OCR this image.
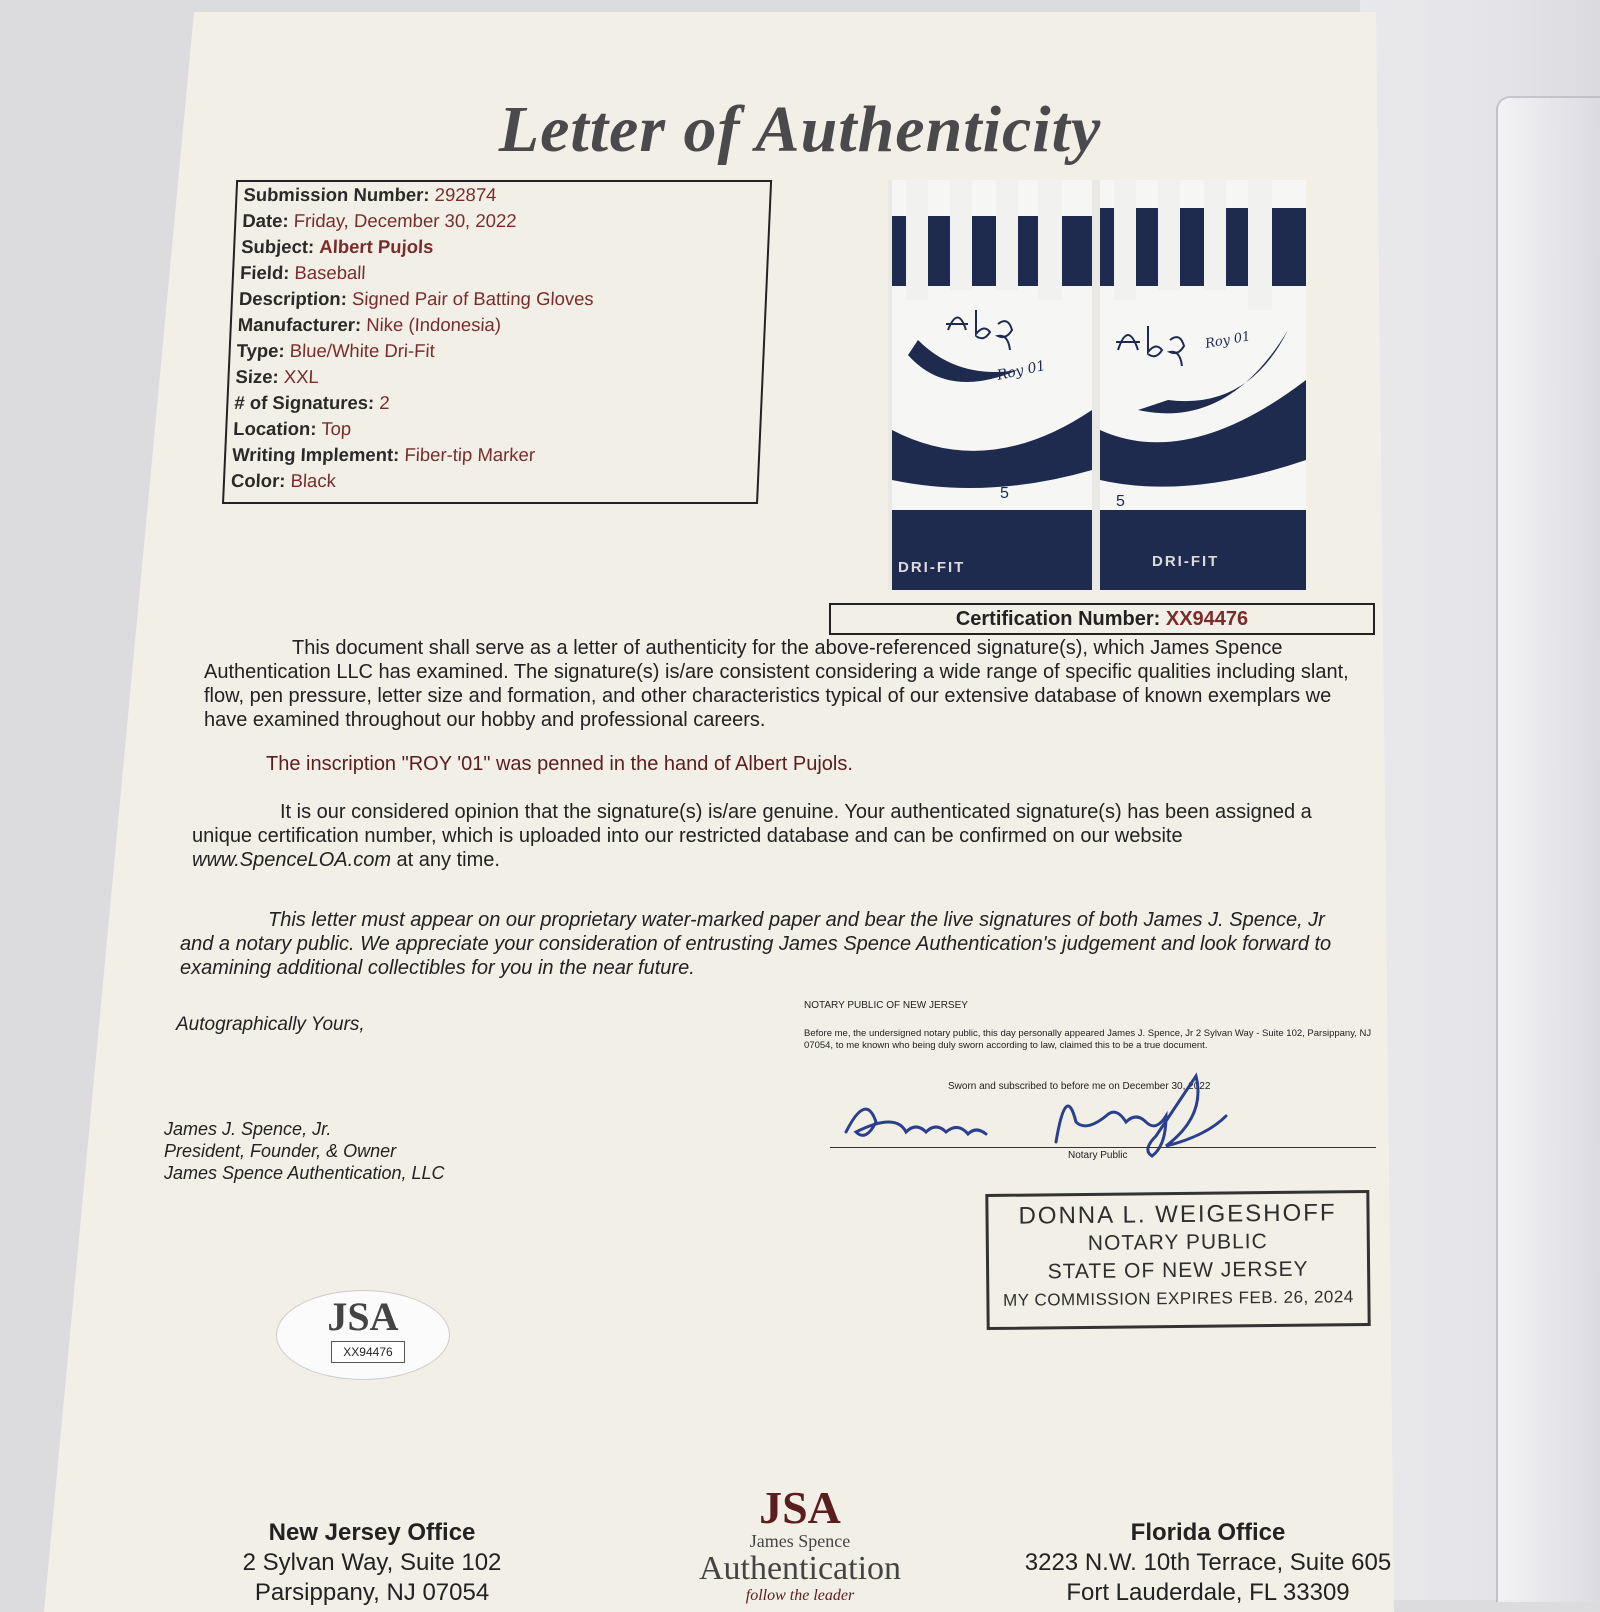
Letter of Authenticity
Submission Number: 292874
Date: Friday, December 30, 2022
Subject: Albert Pujols
Field: Baseball
Description: Signed Pair of Batting Gloves
Manufacturer: Nike (Indonesia)
Type: Blue/White Dri-Fit
Size: XXL
# of Signatures: 2
Location: Top
Writing Implement: Fiber-tip Marker
Color: Black
5
DRI-FIT
Roy 01
5
DRI-FIT
Roy 01
Certification Number: XX94476
This document shall serve as a letter of authenticity for the above-referenced signature(s), which James Spence Authentication LLC has examined. The signature(s) is/are consistent considering a wide range of specific qualities including slant, flow, pen pressure, letter size and formation, and other characteristics typical of our extensive database of known exemplars we have examined throughout our hobby and professional careers.
The inscription "ROY '01" was penned in the hand of Albert Pujols.
It is our considered opinion that the signature(s) is/are genuine. Your authenticated signature(s) has been assigned a unique certification number, which is uploaded into our restricted database and can be confirmed on our website www.SpenceLOA.com at any time.
This letter must appear on our proprietary water-marked paper and bear the live signatures of both James J. Spence, Jr and a notary public. We appreciate your consideration of entrusting James Spence Authentication's judgement and look forward to examining additional collectibles for you in the near future.
Autographically Yours,
James J. Spence, Jr.
President, Founder, & Owner
James Spence Authentication, LLC
NOTARY PUBLIC OF NEW JERSEY
Before me, the undersigned notary public, this day personally appeared James J. Spence, Jr 2 Sylvan Way - Suite 102, Parsippany, NJ 07054, to me known who being duly sworn according to law, claimed this to be a true document.
Sworn and subscribed to before me on December 30, 2022
Notary Public
DONNA L. WEIGESHOFF
NOTARY PUBLIC
STATE OF NEW JERSEY
MY COMMISSION EXPIRES FEB. 26, 2024
JSA
XX94476
New Jersey Office
2 Sylvan Way, Suite 102
Parsippany, NJ 07054
JSA
James Spence
Authentication
follow the leader
Florida Office
3223 N.W. 10th Terrace, Suite 605
Fort Lauderdale, FL 33309
